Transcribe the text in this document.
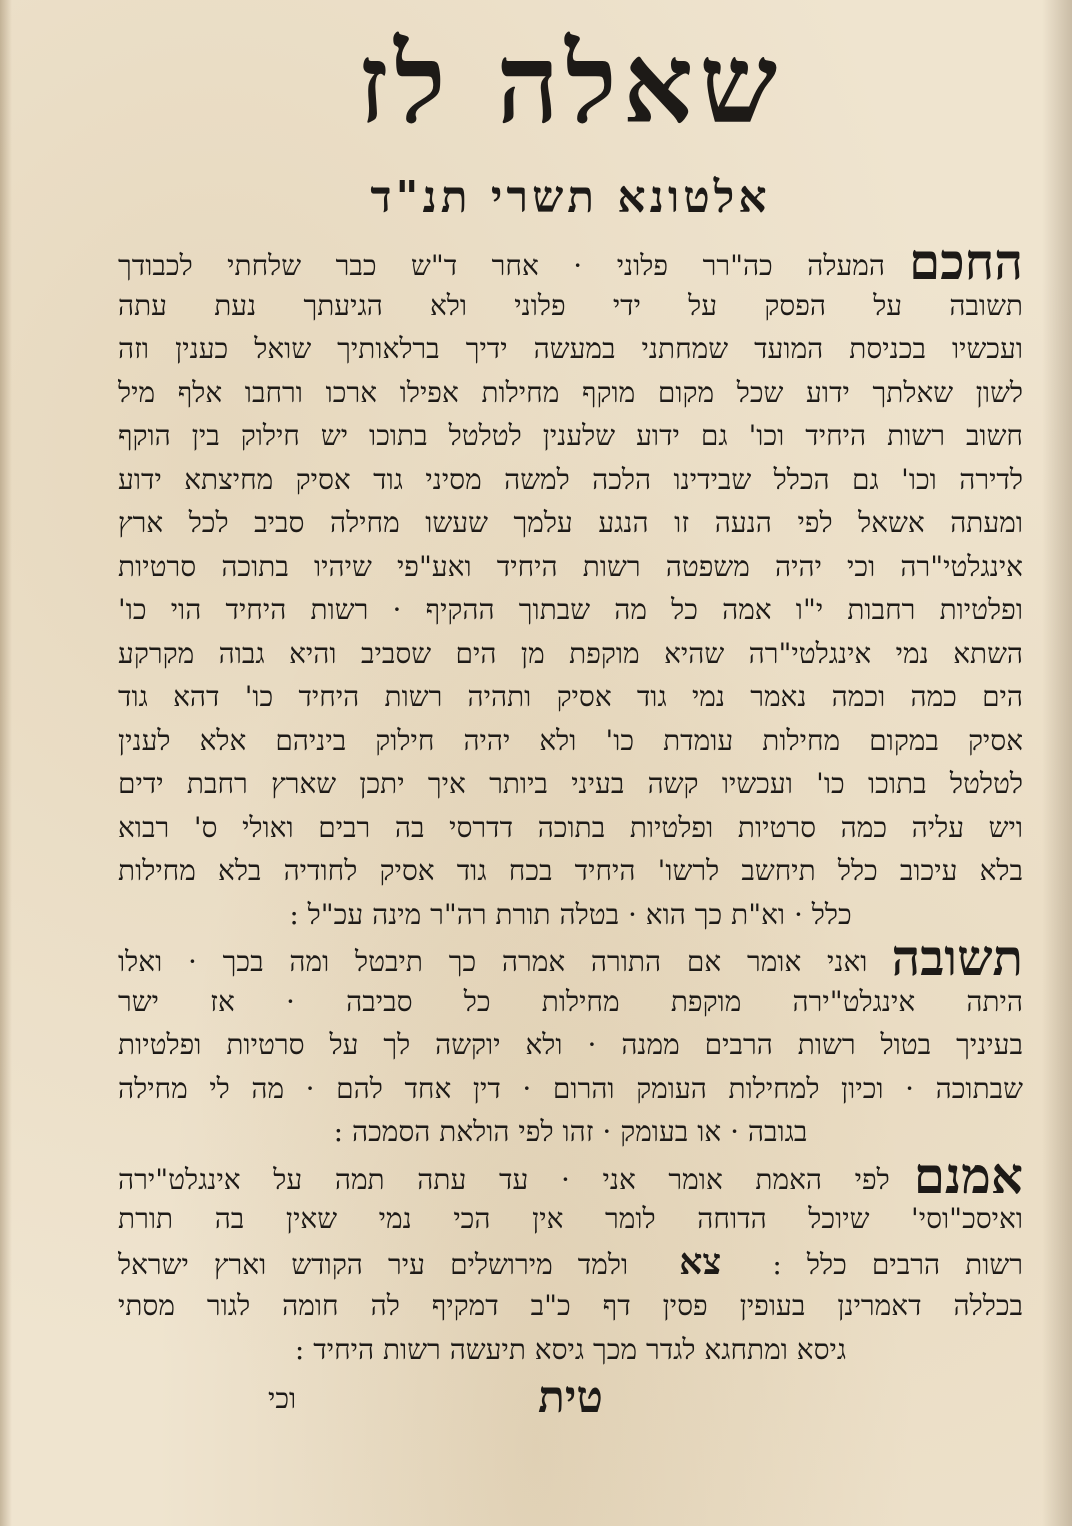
שאלה לז
אלטונא תשרי תנ"ד
החכםהמעלה כה"רר פלוני · אחר ד"ש כבר שלחתי לכבודך
תשובה על הפסק על ידי פלוני ולא הגיעתך נעת עתה
ועכשיו בכניסת המועד שמחתני במעשה ידיך ברלאותיך שואל כענין וזה
לשון שאלתך ידוע שכל מקום מוקף מחילות אפילו ארכו ורחבו אלף מיל
חשוב רשות היחיד וכו' גם ידוע שלענין לטלטל בתוכו יש חילוק בין הוקף
לדירה וכו' גם הכלל שבידינו הלכה למשה מסיני גוד אסיק מחיצתא ידוע
ומעתה אשאל לפי הנעה זו הנגע עלמך שעשו מחילה סביב לכל ארץ
אינגלטי"רה וכי יהיה משפטה רשות היחיד ואע"פי שיהיו בתוכה סרטיות
ופלטיות רחבות י"ו אמה כל מה שבתוך ההקיף · רשות היחיד הוי כו'
השתא נמי אינגלטי"רה שהיא מוקפת מן הים שסביב והיא גבוה מקרקע
הים כמה וכמה נאמר נמי גוד אסיק ותהיה רשות היחיד כו' דהא גוד
אסיק במקום מחילות עומדת כו' ולא יהיה חילוק ביניהם אלא לענין
לטלטל בתוכו כו' ועכשיו קשה בעיני ביותר איך יתכן שארץ רחבת ידים
ויש עליה כמה סרטיות ופלטיות בתוכה דדרסי בה רבים ואולי ס' רבוא
בלא עיכוב כלל תיחשב לרשו' היחיד בכח גוד אסיק לחודיה בלא מחילות
כלל · וא"ת כך הוא · בטלה תורת רה"ר מינה עכ"ל :
תשובהואני אומר אם התורה אמרה כך תיבטל ומה בכך · ואלו
היתה אינגלט"ירה מוקפת מחילות כל סביבה · אז ישר
בעיניך בטול רשות הרבים ממנה · ולא יוקשה לך על סרטיות ופלטיות
שבתוכה · וכיון למחילות העומק והרום · דין אחד להם · מה לי מחילה
בגובה · או בעומק · זהו לפי הולאת הסמכה :
אמנםלפי האמת אומר אני · עד עתה תמה על אינגלט"ירה
ואיסכ"וסי' שיוכל הדוחה לומר אין הכי נמי שאין בה תורת
רשות הרבים כלל : צא ולמד מירושלים עיר הקודש וארץ ישראל
בכללה דאמרינן בעופין פסין דף כ"ב דמקיף לה חומה לגור מסתי
גיסא ומתחגא לגדר מכך גיסא תיעשה רשות היחיד :
טית
וכי
